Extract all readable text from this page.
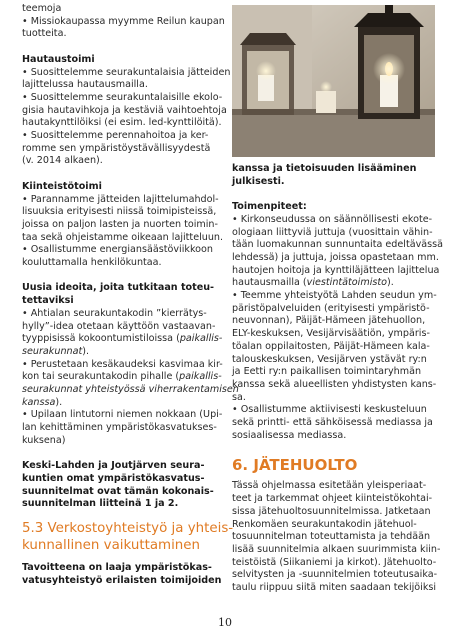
teemoja
• Missiokaupassa myymme Reilun kaupan
tuotteita.

Hautaustoimi
• Suosittelemme seurakuntalaisia jätteiden
lajittelussa hautausmailla.
• Suosittelemme seurakuntalaisille ekolo-
gisia hautavihkoja ja kestäviä vaihtoehtoja
hautakynttilöiksi (ei esim. led-kynttilöitä).
• Suosittelemme perennahoitoa ja ker-
romme sen ympäristöystävällisyydestä
(v. 2014 alkaen).

Kiinteistötoimi
• Parannamme jätteiden lajittelumahdol-
lisuuksia erityisesti niissä toimipisteissä,
joissa on paljon lasten ja nuorten toimin-
taa sekä ohjeistamme oikeaan lajitteluun.
• Osallistumme energiansäästöviikkoon
kouluttamalla henkilökuntaa.

Uusia ideoita, joita tutkitaan toteu-
tettaviksi
• Ahtialan seurakuntakodin ”kierrätys-
hylly”-idea otetaan käyttöön vastaavan-
tyyppisissä kokoontumistiloissa (paikallis-
seurakunnat).
• Perustetaan kesäkaudeksi kasvimaa kir-
kon tai seurakuntakodin pihalle (paikallis-
seurakunnat yhteistyössä viherrakentamisen
kanssa).
• Upilaan lintutorni niemen nokkaan (Upi-
lan kehittäminen ympäristökasvatukses-
kuksena)

Keski-Lahden ja Joutjärven seura-
kuntien omat ympäristökasvatus-
suunnitelmat ovat tämän kokonais-
suunnitelman liitteinä 1 ja 2.

5.3 Verkostoyhteistyö ja yhteis-
kunnallinen vaikuttaminen

Tavoitteena on laaja ympäristökas-
vatusyhteistyö erilaisten toimijoiden

kanssa ja tietoisuuden lisääminen
julkisesti.

Toimenpiteet:
• Kirkonseudussa on säännöllisesti ekote-
ologiaan liittyviä juttuja (vuosittain vähin-
tään luomakunnan sunnuntaita edeltävässä
lehdessä) ja juttuja, joissa opastetaan mm.
hautojen hoitoja ja kynttiläjätteen lajittelua
hautausmailla (viestintätoimisto).
• Teemme yhteistyötä Lahden seudun ym-
päristöpalveluiden (erityisesti ympäristö-
neuvonnan), Päijät-Hämeen jätehuollon,
ELY-keskuksen, Vesijärvisäätiön, ympäris-
töalan oppilaitosten, Päijät-Hämeen kala-
talouskeskuksen, Vesijärven ystävät ry:n
ja Eetti ry:n paikallisen toimintaryhmän
kanssa sekä alueellisten yhdistysten kans-
sa.
• Osallistumme aktiivisesti keskusteluun
sekä printti- että sähköisessä mediassa ja
sosiaalisessa mediassa.

6. JÄTEHUOLTO

Tässä ohjelmassa esitetään yleisperiaat-
teet ja tarkemmat ohjeet kiinteistökohtai-
sissa jätehuoltosuunnitelmissa. Jatketaan
Renkomäen seurakuntakodin jätehuol-
tosuunnitelman toteuttamista ja tehdään
lisää suunnitelmia alkaen suurimmista kiin-
teistöistä (Siikaniemi ja kirkot). Jätehuolto-
selvitysten ja -suunnitelmien toteutusaika-
taulu riippuu siitä miten saadaan tekijöiksi

10
